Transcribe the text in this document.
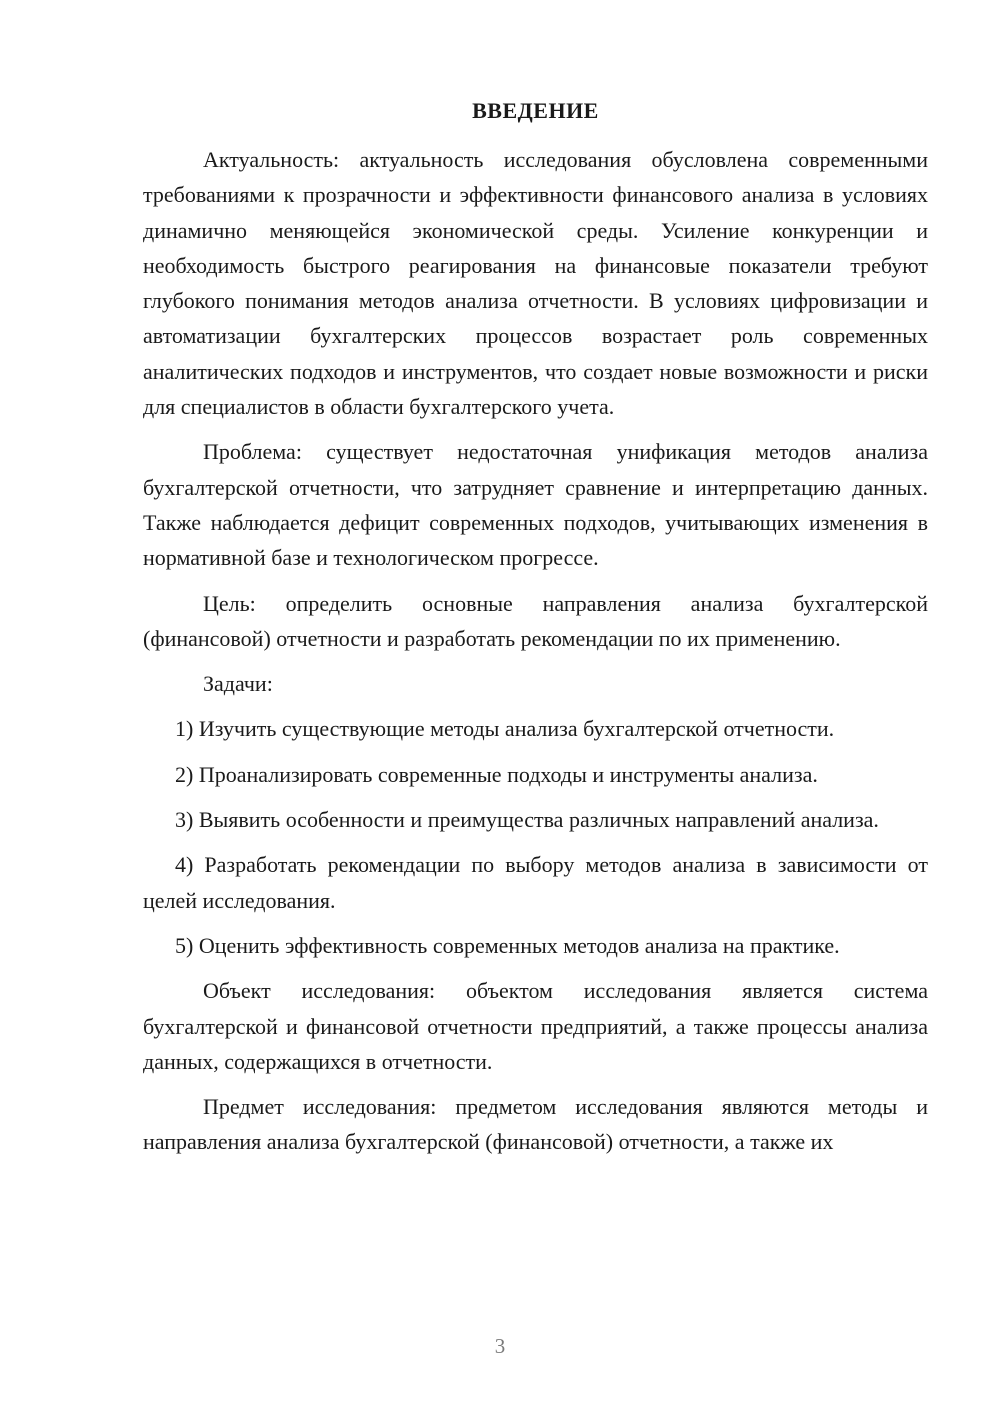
ВВЕДЕНИЕ

Актуальность: актуальность исследования обусловлена современными требованиями к прозрачности и эффективности финансового анализа в условиях динамично меняющейся экономической среды. Усиление конкуренции и необходимость быстрого реагирования на финансовые показатели требуют глубокого понимания методов анализа отчетности. В условиях цифровизации и автоматизации бухгалтерских процессов возрастает роль современных аналитических подходов и инструментов, что создает новые возможности и риски для специалистов в области бухгалтерского учета.

Проблема: существует недостаточная унификация методов анализа бухгалтерской отчетности, что затрудняет сравнение и интерпретацию данных. Также наблюдается дефицит современных подходов, учитывающих изменения в нормативной базе и технологическом прогрессе.

Цель: определить основные направления анализа бухгалтерской (финансовой) отчетности и разработать рекомендации по их применению.

Задачи:

1) Изучить существующие методы анализа бухгалтерской отчетности.

2) Проанализировать современные подходы и инструменты анализа.

3) Выявить особенности и преимущества различных направлений анализа.

4) Разработать рекомендации по выбору методов анализа в зависимости от целей исследования.

5) Оценить эффективность современных методов анализа на практике.

Объект исследования: объектом исследования является система бухгалтерской и финансовой отчетности предприятий, а также процессы анализа данных, содержащихся в отчетности.

Предмет исследования: предметом исследования являются методы и направления анализа бухгалтерской (финансовой) отчетности, а также их

3
